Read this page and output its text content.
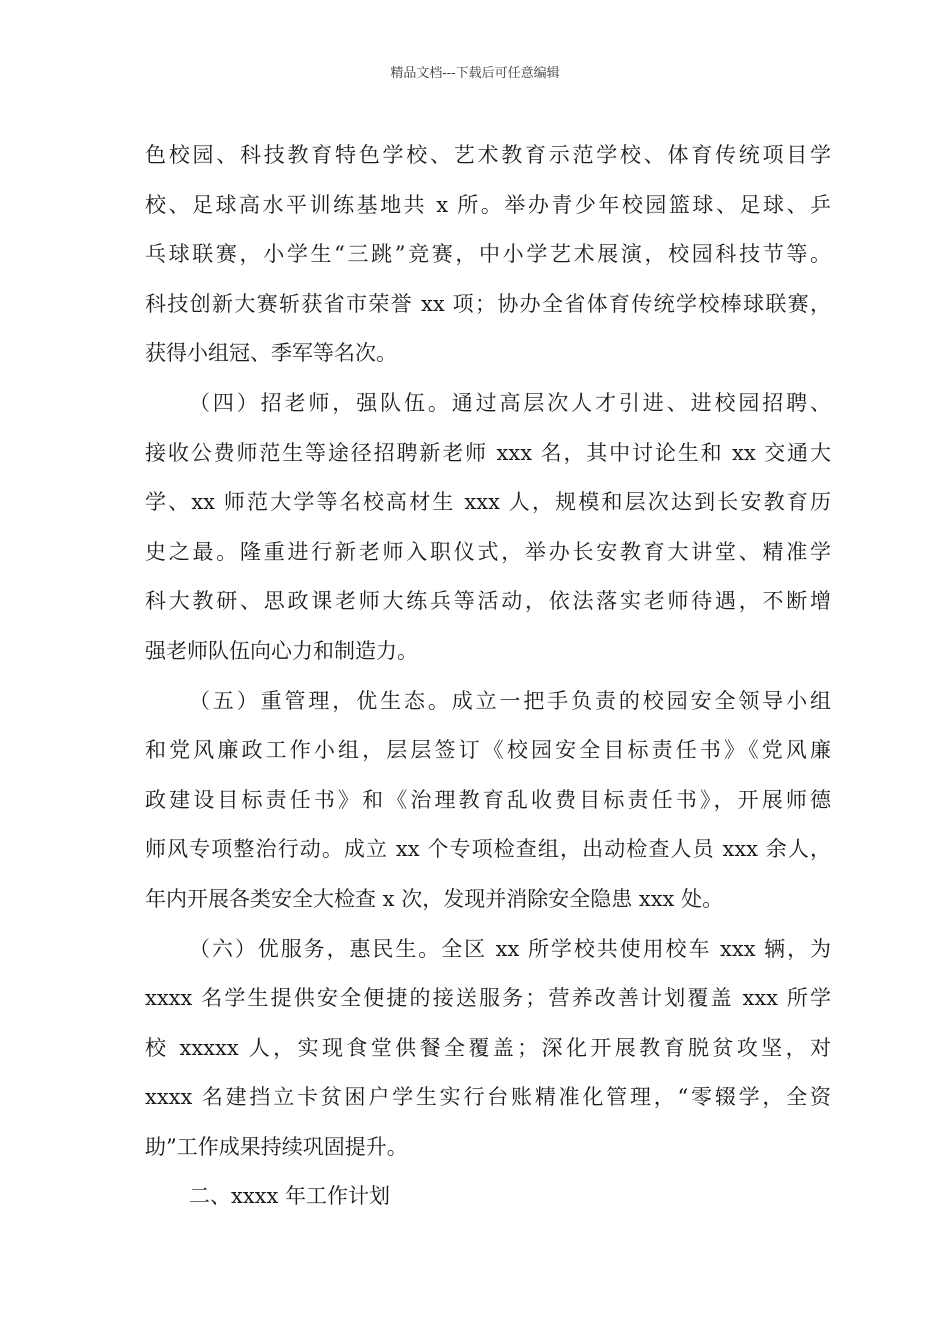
精品文档---下载后可任意编辑
色校园、科技教育特色学校、艺术教育示范学校、体育传统项目学
校、足球高水平训练基地共 x 所。举办青少年校园篮球、足球、乒
乓球联赛，小学生“三跳”竞赛，中小学艺术展演，校园科技节等。
科技创新大赛斩获省市荣誉 xx 项；协办全省体育传统学校棒球联赛，
获得小组冠、季军等名次。
（四）招老师，强队伍。通过高层次人才引进、进校园招聘、
接收公费师范生等途径招聘新老师 xxx 名，其中讨论生和 xx 交通大
学、xx 师范大学等名校高材生 xxx 人，规模和层次达到长安教育历
史之最。隆重进行新老师入职仪式，举办长安教育大讲堂、精准学
科大教研、思政课老师大练兵等活动，依法落实老师待遇，不断增
强老师队伍向心力和制造力。
（五）重管理，优生态。成立一把手负责的校园安全领导小组
和党风廉政工作小组，层层签订《校园安全目标责任书》《党风廉
政建设目标责任书》和《治理教育乱收费目标责任书》，开展师德
师风专项整治行动。成立 xx 个专项检查组，出动检查人员 xxx 余人，
年内开展各类安全大检查 x 次，发现并消除安全隐患 xxx 处。
（六）优服务，惠民生。全区 xx 所学校共使用校车 xxx 辆，为
xxxx 名学生提供安全便捷的接送服务；营养改善计划覆盖 xxx 所学
校 xxxxx 人，实现食堂供餐全覆盖；深化开展教育脱贫攻坚，对
xxxx 名建挡立卡贫困户学生实行台账精准化管理，“零辍学，全资
助”工作成果持续巩固提升。
二、xxxx 年工作计划
